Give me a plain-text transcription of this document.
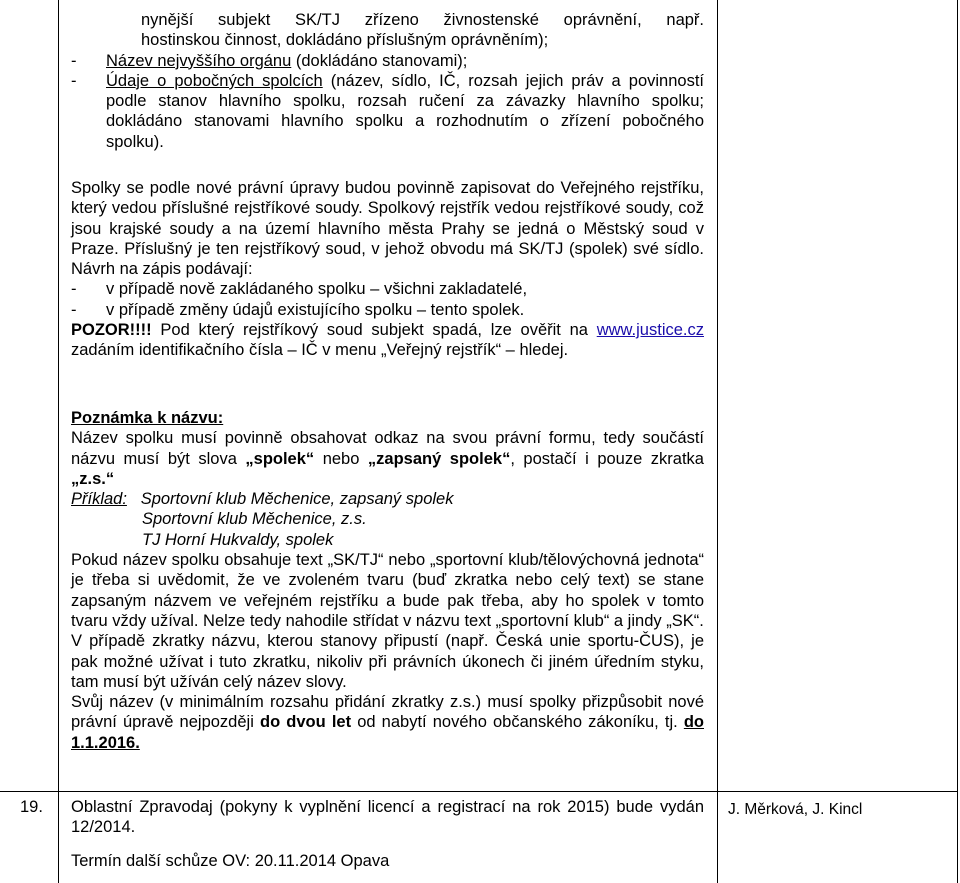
nynější subjekt SK/TJ zřízeno živnostenské oprávnění, např.

hostinskou činnost, dokládáno příslušným oprávněním);

- Název nejvyššího orgánu (dokládáno stanovami);
- Údaje o pobočných spolcích (název, sídlo, IČ, rozsah jejich práv a povinností podle stanov hlavního spolku, rozsah ručení za závazky hlavního spolku; dokládáno stanovami hlavního spolku a rozhodnutím o zřízení pobočného spolku).

Spolky se podle nové právní úpravy budou povinně zapisovat do Veřejného rejstříku, který vedou příslušné rejstříkové soudy. Spolkový rejstřík vedou rejstříkové soudy, což jsou krajské soudy a na území hlavního města Prahy se jedná o Městský soud v Praze. Příslušný je ten rejstříkový soud, v jehož obvodu má SK/TJ (spolek) své sídlo. Návrh na zápis podávají:

- v případě nově zakládaného spolku – všichni zakladatelé,
- v případě změny údajů existujícího spolku – tento spolek.

POZOR!!!! Pod který rejstříkový soud subjekt spadá, lze ověřit na www.justice.cz zadáním identifikačního čísla – IČ v menu „Veřejný rejstřík“ – hledej.

Poznámka k názvu:

Název spolku musí povinně obsahovat odkaz na svou právní formu, tedy součástí názvu musí být slova „spolek“ nebo „zapsaný spolek“, postačí i pouze zkratka „z.s.“

Příklad: Sportovní klub Měchenice, zapsaný spolek

Sportovní klub Měchenice, z.s.

TJ Horní Hukvaldy, spolek

Pokud název spolku obsahuje text „SK/TJ“ nebo „sportovní klub/tělovýchovná jednota“ je třeba si uvědomit, že ve zvoleném tvaru (buď zkratka nebo celý text) se stane zapsaným názvem ve veřejném rejstříku a bude pak třeba, aby ho spolek v tomto tvaru vždy užíval. Nelze tedy nahodile střídat v názvu text „sportovní klub“ a jindy „SK“.

V případě zkratky názvu, kterou stanovy připustí (např. Česká unie sportu-ČUS), je pak možné užívat i tuto zkratku, nikoliv při právních úkonech či jiném úředním styku, tam musí být užíván celý název slovy.

Svůj název (v minimálním rozsahu přidání zkratky z.s.) musí spolky přizpůsobit nové právní úpravě nejpozději do dvou let od nabytí nového občanského zákoníku, tj. do 1.1.2016.

19. Oblastní Zpravodaj (pokyny k vyplnění licencí a registrací na rok 2015) bude vydán 12/2014.

J. Měrková, J. Kincl
Termín další schůze OV: 20.11.2014 Opava
